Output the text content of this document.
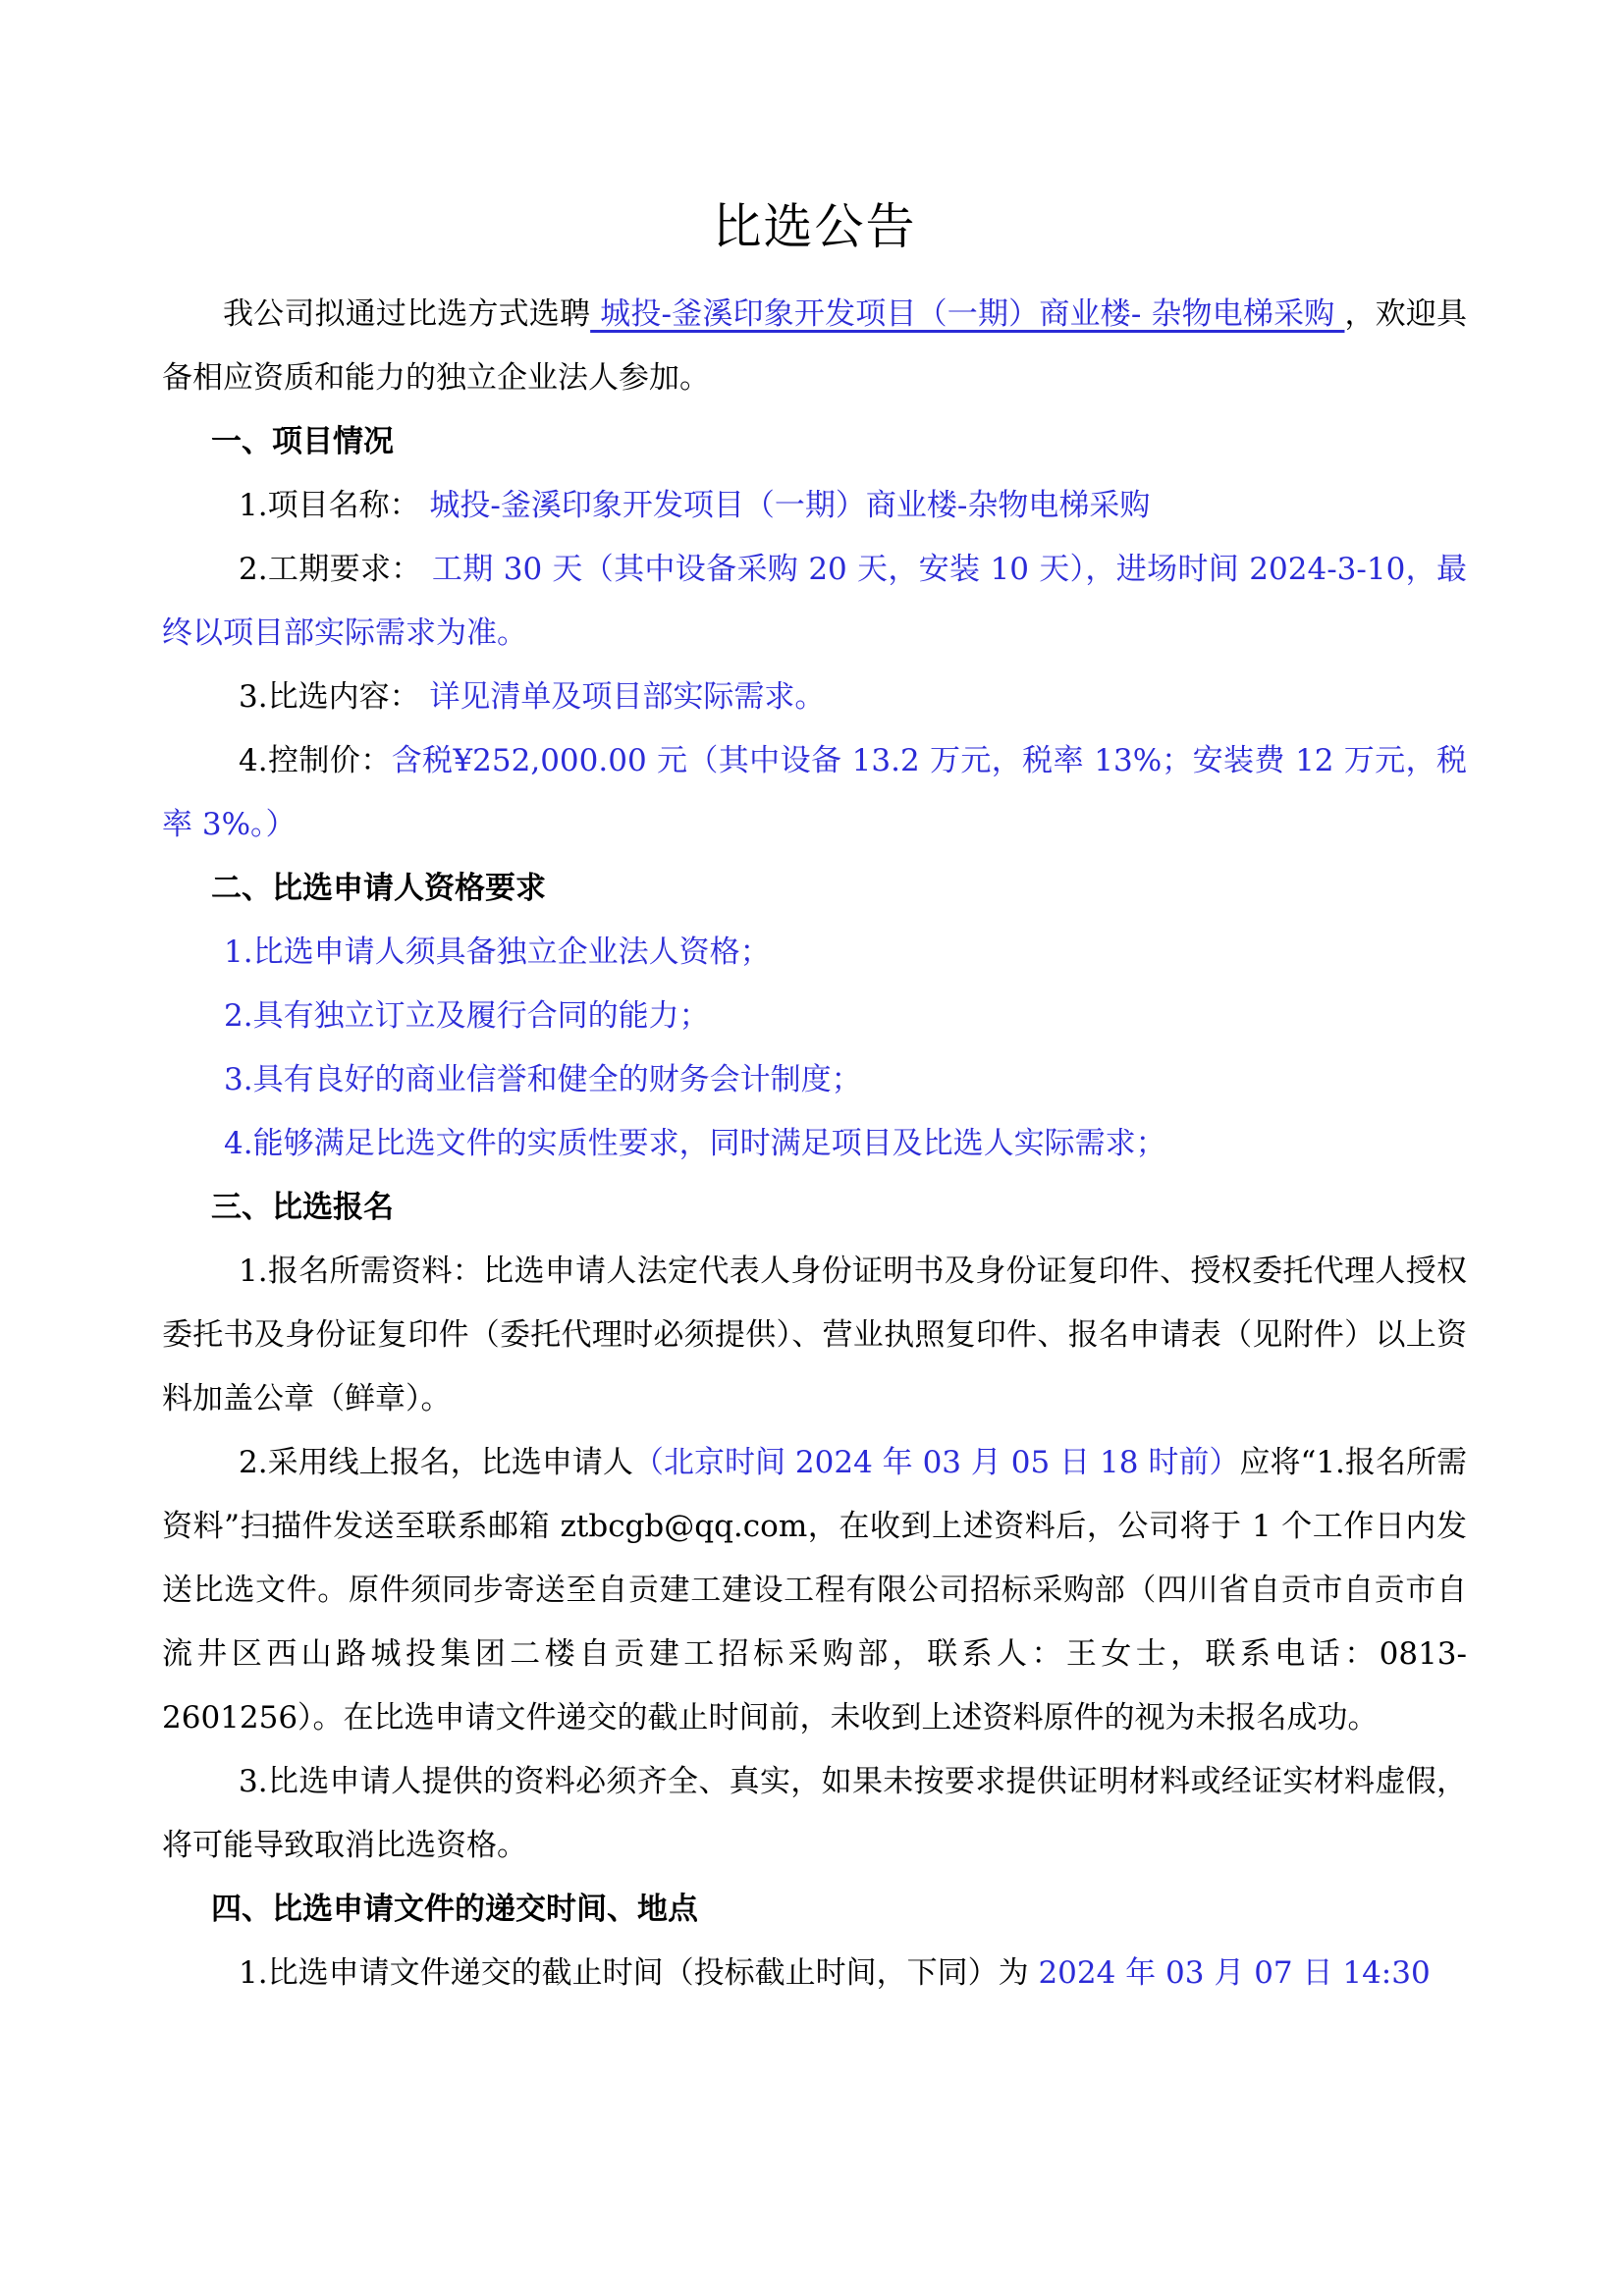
比选公告

我公司拟通过比选方式选聘 城投-釜溪印象开发项目（一期）商业楼- 杂物电梯采购 ，欢迎具备相应资质和能力的独立企业法人参加。

一、项目情况

1.项目名称： 城投-釜溪印象开发项目（一期）商业楼-杂物电梯采购

2.工期要求： 工期 30 天（其中设备采购 20 天，安装 10 天），进场时间 2024-3-10，最终以项目部实际需求为准。

3.比选内容： 详见清单及项目部实际需求。

4.控制价：含税¥252,000.00 元（其中设备 13.2 万元，税率 13%；安装费 12 万元，税率 3%。）

二、比选申请人资格要求

1.比选申请人须具备独立企业法人资格；

2.具有独立订立及履行合同的能力；

3.具有良好的商业信誉和健全的财务会计制度；

4.能够满足比选文件的实质性要求，同时满足项目及比选人实际需求；

三、比选报名

1.报名所需资料：比选申请人法定代表人身份证明书及身份证复印件、授权委托代理人授权委托书及身份证复印件（委托代理时必须提供）、营业执照复印件、报名申请表（见附件）以上资料加盖公章（鲜章）。

2.采用线上报名，比选申请人（北京时间 2024 年 03 月 05 日 18 时前）应将“1.报名所需资料”扫描件发送至联系邮箱 ztbcgb@qq.com，在收到上述资料后，公司将于 1 个工作日内发送比选文件。原件须同步寄送至自贡建工建设工程有限公司招标采购部（四川省自贡市自贡市自流井区西山路城投集团二楼自贡建工招标采购部，联系人：王女士，联系电话：0813-2601256）。在比选申请文件递交的截止时间前，未收到上述资料原件的视为未报名成功。

3.比选申请人提供的资料必须齐全、真实，如果未按要求提供证明材料或经证实材料虚假，将可能导致取消比选资格。

四、比选申请文件的递交时间、地点

1.比选申请文件递交的截止时间（投标截止时间，下同）为 2024 年 03 月 07 日 14:30
